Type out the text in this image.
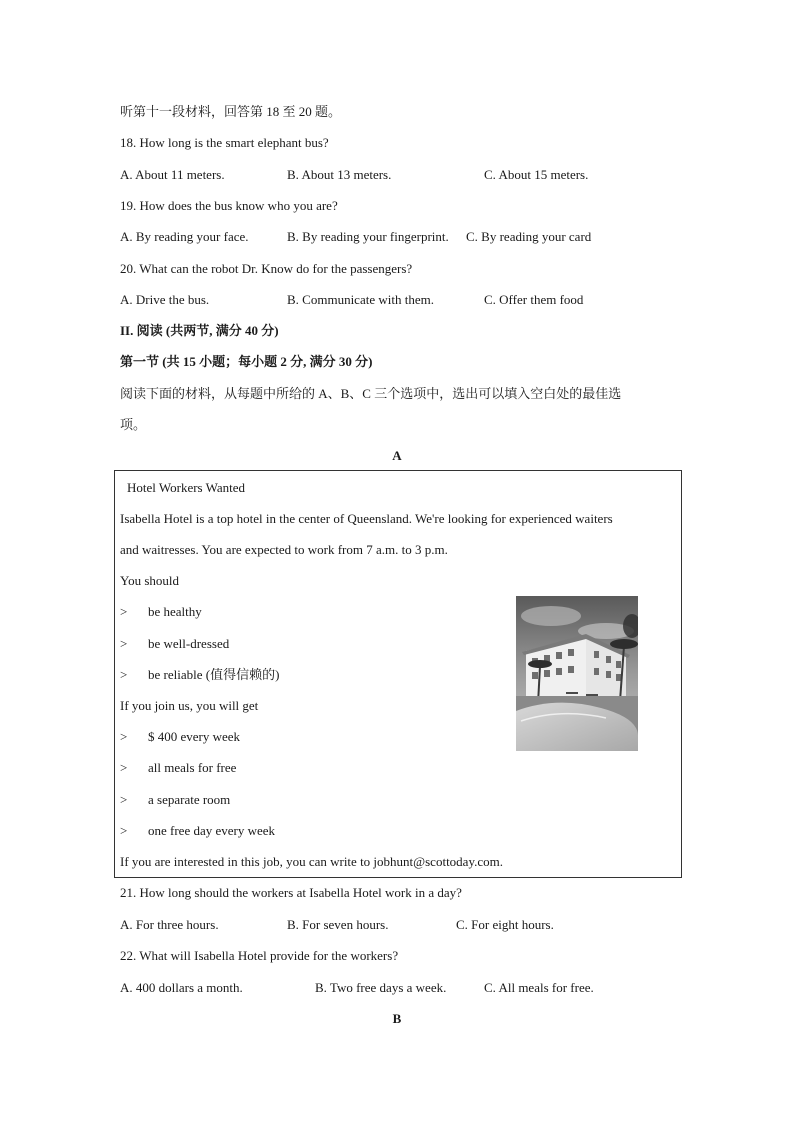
听第十一段材料，回答第 18 至 20 题。
18. How long is the smart elephant bus?
A. About 11 meters.	B. About 13 meters.	C. About 15 meters.
19. How does the bus know who you are?
A. By reading your face.	B. By reading your fingerprint. C. By reading your card
20. What can the robot Dr. Know do for the passengers?
A. Drive the bus.	B. Communicate with them.	C. Offer them food
II. 阅读 (共两节, 满分 40 分)
第一节 (共 15 小题；每小题 2 分, 满分 30 分)
阅读下面的材料，从每题中所给的 A、B、C 三个选项中，选出可以填入空白处的最佳选
项。
A
Hotel Workers Wanted
Isabella Hotel is a top hotel in the center of Queensland. We're looking for experienced waiters
and waitresses. You are expected to work from 7 a.m. to 3 p.m.
You should
> be healthy
> be well-dressed
> be reliable (值得信赖的)
If you join us, you will get
> $ 400 every week
> all meals for free
> a separate room
> one free day every week
If you are interested in this job, you can write to jobhunt@scottoday.com.
21. How long should the workers at Isabella Hotel work in a day?
A. For three hours.	B. For seven hours.	C. For eight hours.
22. What will Isabella Hotel provide for the workers?
A. 400 dollars a month.	B. Two free days a week.	C. All meals for free.
B
